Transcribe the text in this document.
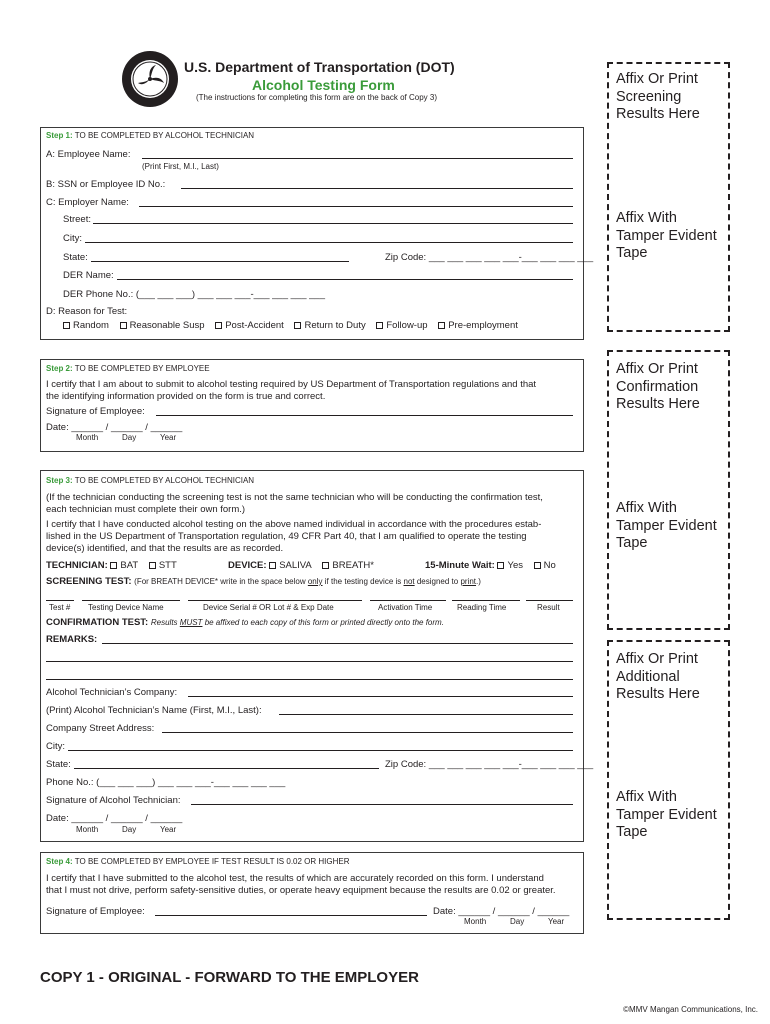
U.S. Department of Transportation (DOT)
Alcohol Testing Form
(The instructions for completing this form are on the back of Copy 3)
Step 1: TO BE COMPLETED BY ALCOHOL TECHNICIAN
A: Employee Name:
(Print First, M.I., Last)
B: SSN or Employee ID No.:
C: Employer Name:
Street:
City:
State:	Zip Code: ___ ___ ___ ___ ___-___ ___ ___ ___
DER Name:
DER Phone No.: (___ ___ ___) ___ ___ ___-___ ___ ___ ___
D: Reason for Test:
Random Reasonable Susp Post-Accident Return to Duty Follow-up Pre-employment
Step 2: TO BE COMPLETED BY EMPLOYEE
I certify that I am about to submit to alcohol testing required by US Department of Transportation regulations and that
the identifying information provided on the form is true and correct.
Signature of Employee:
Date: ______ / ______ / ______
Month	Day	Year
Step 3: TO BE COMPLETED BY ALCOHOL TECHNICIAN
(If the technician conducting the screening test is not the same technician who will be conducting the confirmation test,
each technician must complete their own form.)
I certify that I have conducted alcohol testing on the above named individual in accordance with the procedures estab-
lished in the US Department of Transportation regulation, 49 CFR Part 40, that I am qualified to operate the testing
device(s) identified, and that the results are as recorded.
TECHNICIAN: BAT STT	DEVICE: SALIVA BREATH*	15-Minute Wait: Yes No
SCREENING TEST: (For BREATH DEVICE* write in the space below only if the testing device is not designed to print.)
Test # Testing Device Name	Device Serial # OR Lot # & Exp Date	Activation Time	Reading Time	Result
CONFIRMATION TEST: Results MUST be affixed to each copy of this form or printed directly onto the form.
REMARKS:
Alcohol Technician’s Company:
(Print) Alcohol Technician’s Name (First, M.I., Last):
Company Street Address:
City:
State:	Zip Code: ___ ___ ___ ___ ___-___ ___ ___ ___
Phone No.: (___ ___ ___) ___ ___ ___-___ ___ ___ ___
Signature of Alcohol Technician:
Date: ______ / ______ / ______
Month	Day	Year
Step 4: TO BE COMPLETED BY EMPLOYEE IF TEST RESULT IS 0.02 OR HIGHER
I certify that I have submitted to the alcohol test, the results of which are accurately recorded on this form. I understand
that I must not drive, perform safety-sensitive duties, or operate heavy equipment because the results are 0.02 or greater.
Signature of Employee:	Date: ______ / ______ / ______
Month	Day	Year
Affix Or Print
Screening
Results Here
Affix With
Tamper Evident
Tape
Affix Or Print
Confirmation
Results Here
Affix With
Tamper Evident
Tape
Affix Or Print
Additional
Results Here
Affix With
Tamper Evident
Tape
COPY 1 - ORIGINAL - FORWARD TO THE EMPLOYER
©MMV Mangan Communications, Inc.
